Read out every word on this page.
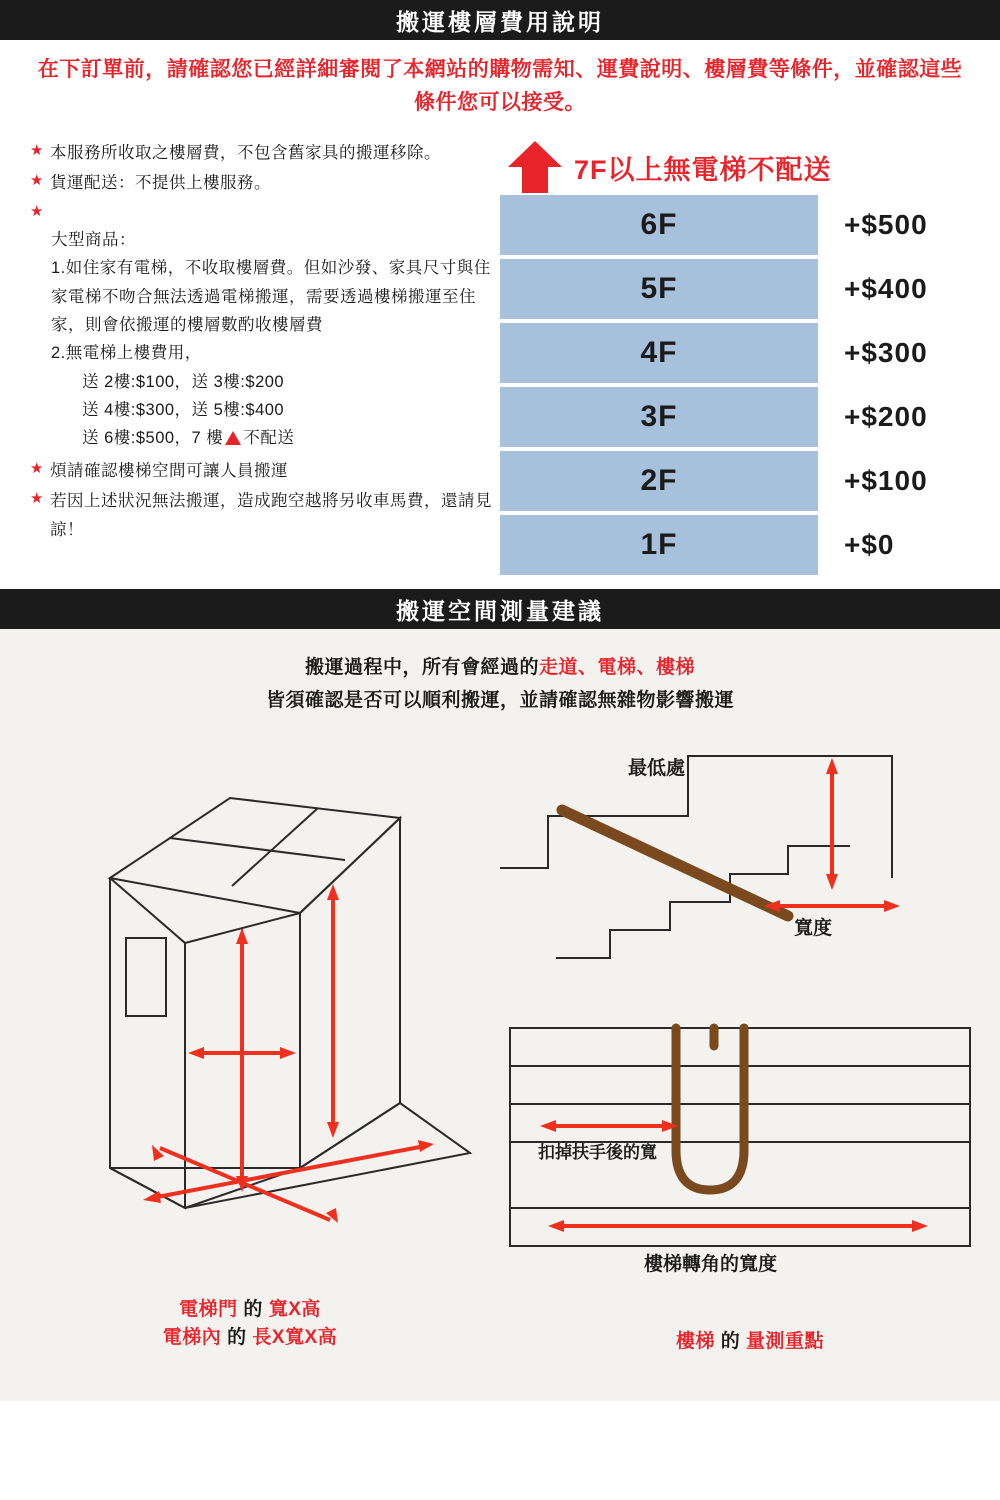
搬運樓層費用說明
在下訂單前，請確認您已經詳細審閱了本網站的購物需知、運費說明、樓層費等條件，並確認這些條件您可以接受。
★ 本服務所收取之樓層費，不包含舊家具的搬運移除。
★ 貨運配送：不提供上樓服務。
★
大型商品：
1.如住家有電梯，不收取樓層費。但如沙發、家具尺寸與住家電梯不吻合無法透過電梯搬運，需要透過樓梯搬運至住家，則會依搬運的樓層數酌收樓層費
2.無電梯上樓費用，
送 2樓:$100，送 3樓:$200
送 4樓:$300，送 5樓:$400
送 6樓:$500，7 樓 不配送
★ 煩請確認樓梯空間可讓人員搬運
★ 若因上述狀況無法搬運，造成跑空越將另收車馬費，還請見諒！
7F以上無電梯不配送
6F	+$500
5F	+$400
4F	+$300
3F	+$200
2F	+$100
1F	+$0
搬運空間測量建議
搬運過程中，所有會經過的走道、電梯、樓梯
皆須確認是否可以順利搬運，並請確認無雜物影響搬運
電梯門 的 寬X高
電梯內 的 長X寬X高
最低處
寬度
扣掉扶手後的寬
樓梯轉角的寬度
樓梯 的 量測重點
